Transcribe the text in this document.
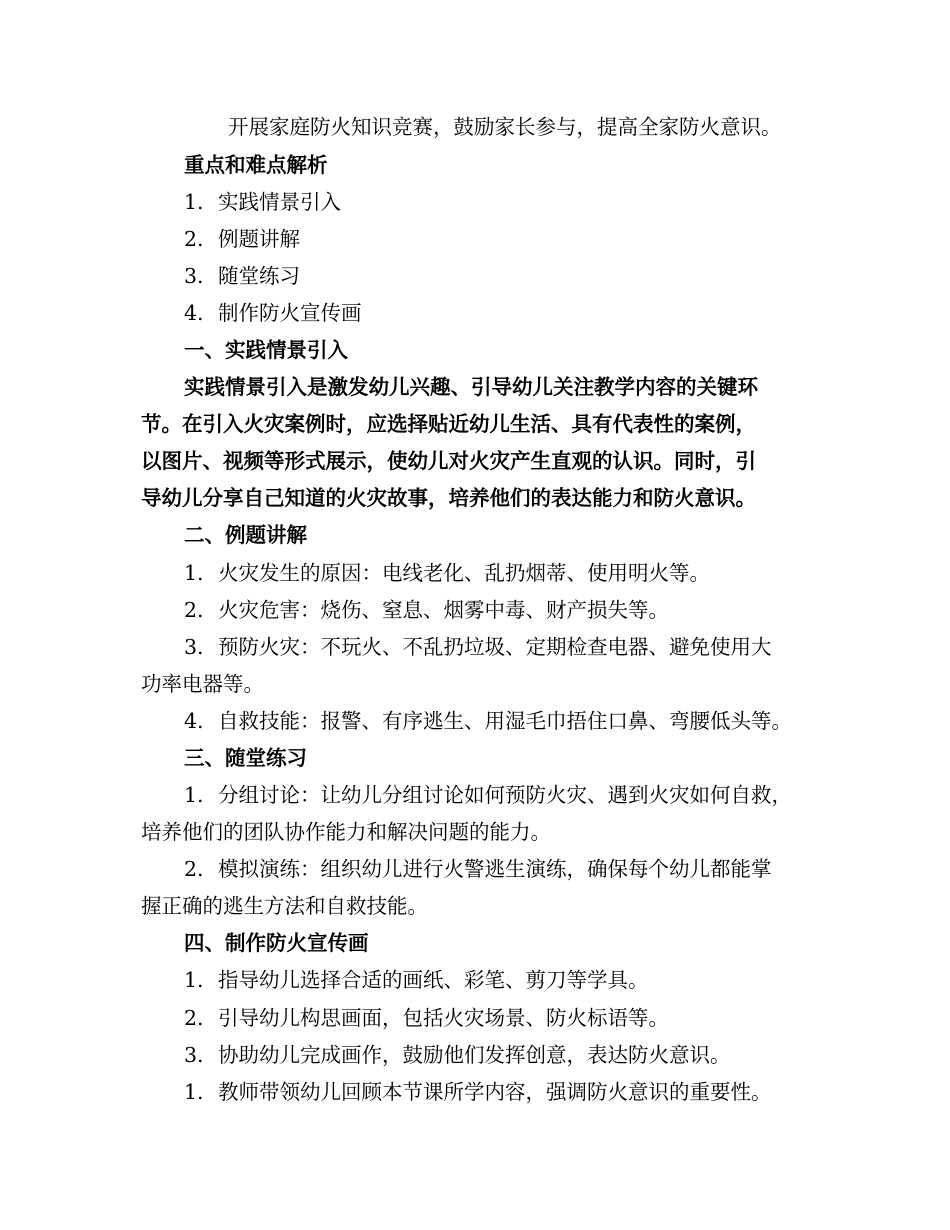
开展家庭防火知识竞赛，鼓励家长参与，提高全家防火意识。
重点和难点解析
1. 实践情景引入
2. 例题讲解
3. 随堂练习
4. 制作防火宣传画
一、实践情景引入
实践情景引入是激发幼儿兴趣、引导幼儿关注教学内容的关键环
节。在引入火灾案例时，应选择贴近幼儿生活、具有代表性的案例，
以图片、视频等形式展示，使幼儿对火灾产生直观的认识。同时，引
导幼儿分享自己知道的火灾故事，培养他们的表达能力和防火意识。
二、例题讲解
1. 火灾发生的原因：电线老化、乱扔烟蒂、使用明火等。
2. 火灾危害：烧伤、窒息、烟雾中毒、财产损失等。
3. 预防火灾：不玩火、不乱扔垃圾、定期检查电器、避免使用大
功率电器等。
4. 自救技能：报警、有序逃生、用湿毛巾捂住口鼻、弯腰低头等。
三、随堂练习
1. 分组讨论：让幼儿分组讨论如何预防火灾、遇到火灾如何自救，
培养他们的团队协作能力和解决问题的能力。
2. 模拟演练：组织幼儿进行火警逃生演练，确保每个幼儿都能掌
握正确的逃生方法和自救技能。
四、制作防火宣传画
1. 指导幼儿选择合适的画纸、彩笔、剪刀等学具。
2. 引导幼儿构思画面，包括火灾场景、防火标语等。
3. 协助幼儿完成画作，鼓励他们发挥创意，表达防火意识。
1. 教师带领幼儿回顾本节课所学内容，强调防火意识的重要性。
